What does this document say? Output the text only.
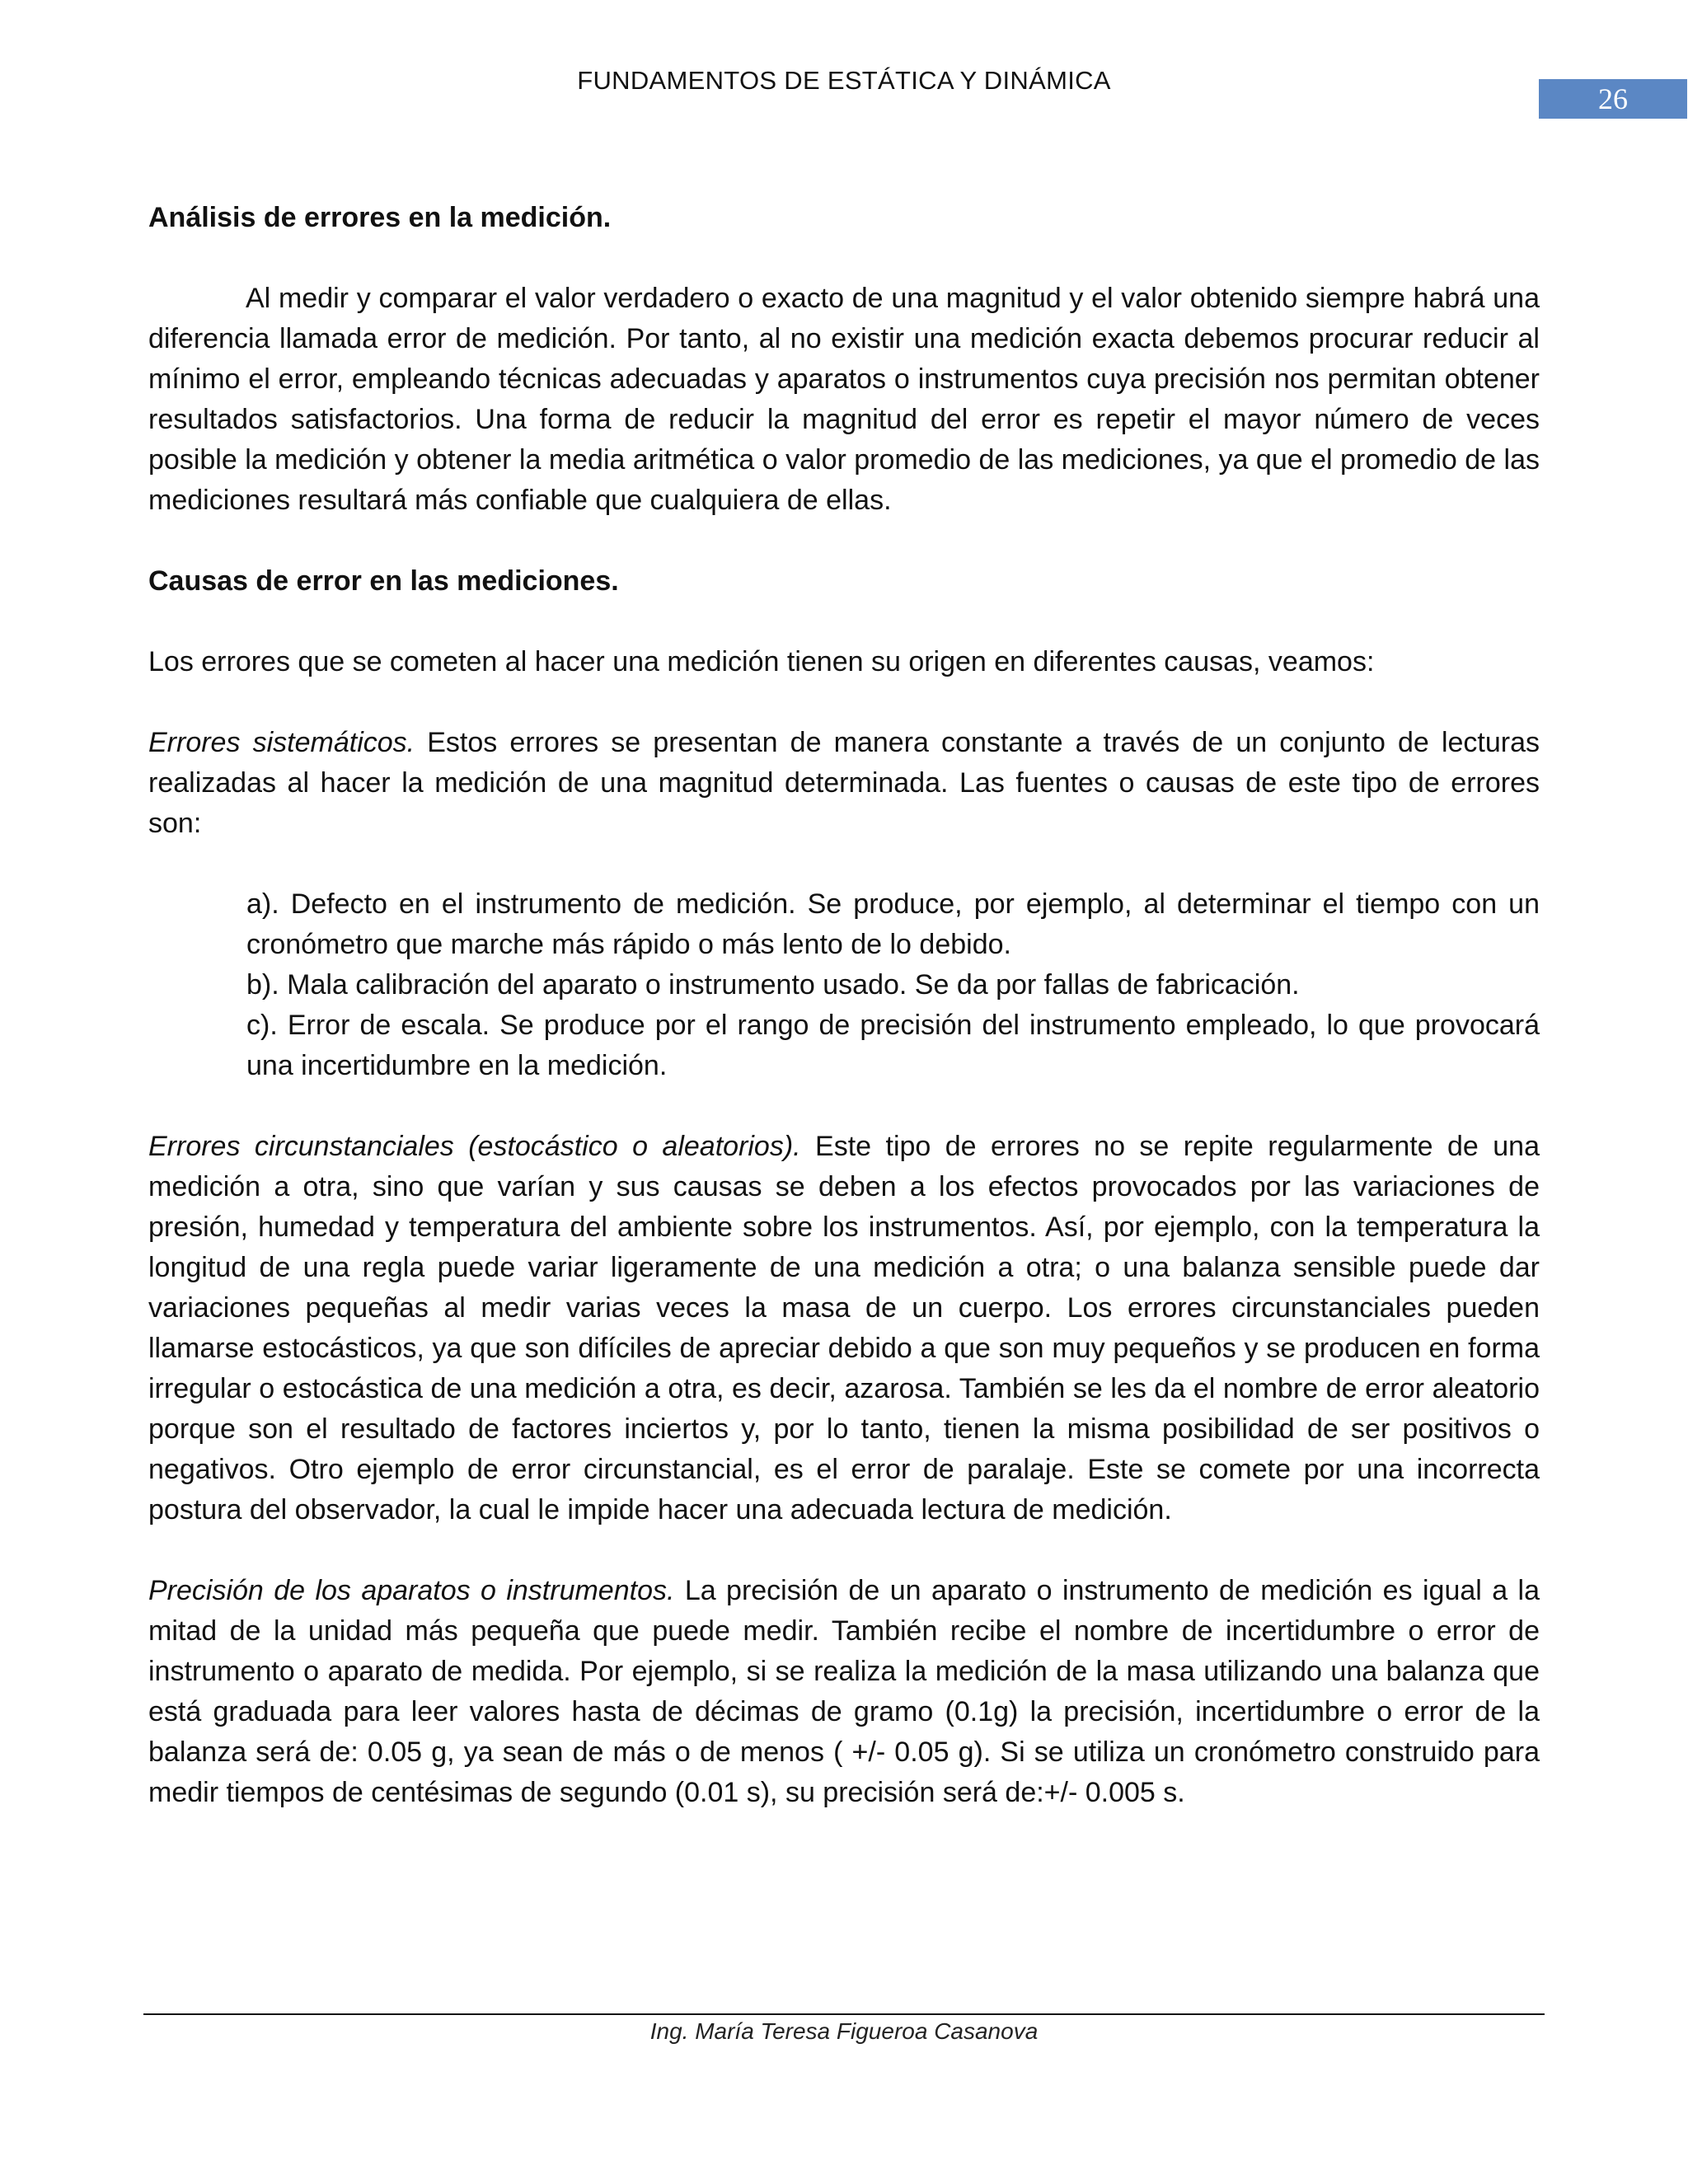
FUNDAMENTOS DE ESTÁTICA Y DINÁMICA
26

Análisis de errores en la medición.

Al medir y comparar el valor verdadero o exacto de una magnitud y el valor obtenido siempre habrá una diferencia llamada error de medición. Por tanto, al no existir una medición exacta debemos procurar reducir al mínimo el error, empleando técnicas adecuadas y aparatos o instrumentos cuya precisión nos permitan obtener resultados satisfactorios. Una forma de reducir la magnitud del error es repetir el mayor número de veces posible la medición y obtener la media aritmética o valor promedio de las mediciones, ya que el promedio de las mediciones resultará más confiable que cualquiera de ellas.

Causas de error en las mediciones.

Los errores que se cometen al hacer una medición tienen su origen en diferentes causas, veamos:

Errores sistemáticos. Estos errores se presentan de manera constante a través de un conjunto de lecturas realizadas al hacer la medición de una magnitud determinada. Las fuentes o causas de este tipo de errores son:

a). Defecto en el instrumento de medición. Se produce, por ejemplo, al determinar el tiempo con un cronómetro que marche más rápido o más lento de lo debido.

b). Mala calibración del aparato o instrumento usado. Se da por fallas de fabricación.

c). Error de escala. Se produce por el rango de precisión del instrumento empleado, lo que provocará una incertidumbre en la medición.

Errores circunstanciales (estocástico o aleatorios). Este tipo de errores no se repite regularmente de una medición a otra, sino que varían y sus causas se deben a los efectos provocados por las variaciones de presión, humedad y temperatura del ambiente sobre los instrumentos. Así, por ejemplo, con la temperatura la longitud de una regla puede variar ligeramente de una medición a otra; o una balanza sensible puede dar variaciones pequeñas al medir varias veces la masa de un cuerpo. Los errores circunstanciales pueden llamarse estocásticos, ya que son difíciles de apreciar debido a que son muy pequeños y se producen en forma irregular o estocástica de una medición a otra, es decir, azarosa. También se les da el nombre de error aleatorio porque son el resultado de factores inciertos y, por lo tanto, tienen la misma posibilidad de ser positivos o negativos. Otro ejemplo de error circunstancial, es el error de paralaje. Este se comete por una incorrecta postura del observador, la cual le impide hacer una adecuada lectura de medición.

Precisión de los aparatos o instrumentos. La precisión de un aparato o instrumento de medición es igual a la mitad de la unidad más pequeña que puede medir. También recibe el nombre de incertidumbre o error de instrumento o aparato de medida. Por ejemplo, si se realiza la medición de la masa utilizando una balanza que está graduada para leer valores hasta de décimas de gramo (0.1g) la precisión, incertidumbre o error de la balanza será de: 0.05 g, ya sean de más o de menos ( +/- 0.05 g). Si se utiliza un cronómetro construido para medir tiempos de centésimas de segundo (0.01 s), su precisión será de:+/- 0.005 s.

Ing. María Teresa Figueroa Casanova
